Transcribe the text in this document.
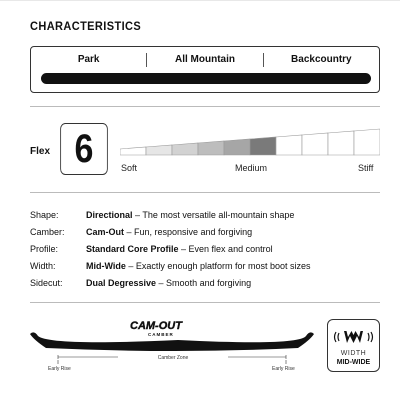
CHARACTERISTICS
Park	All Mountain	Backcountry
Flex 6	Soft	Medium	Stiff
Shape:	Directional – The most versatile all-mountain shape
Camber:	Cam-Out – Fun, responsive and forgiving
Profile:	Standard Core Profile – Even flex and control
Width:	Mid-Wide – Exactly enough platform for most boot sizes
Sidecut:	Dual Degressive – Smooth and forgiving
CAM-OUT
CAMBER
Camber Zone
Early Rise	Early Rise
WIDTH
MID-WIDE
